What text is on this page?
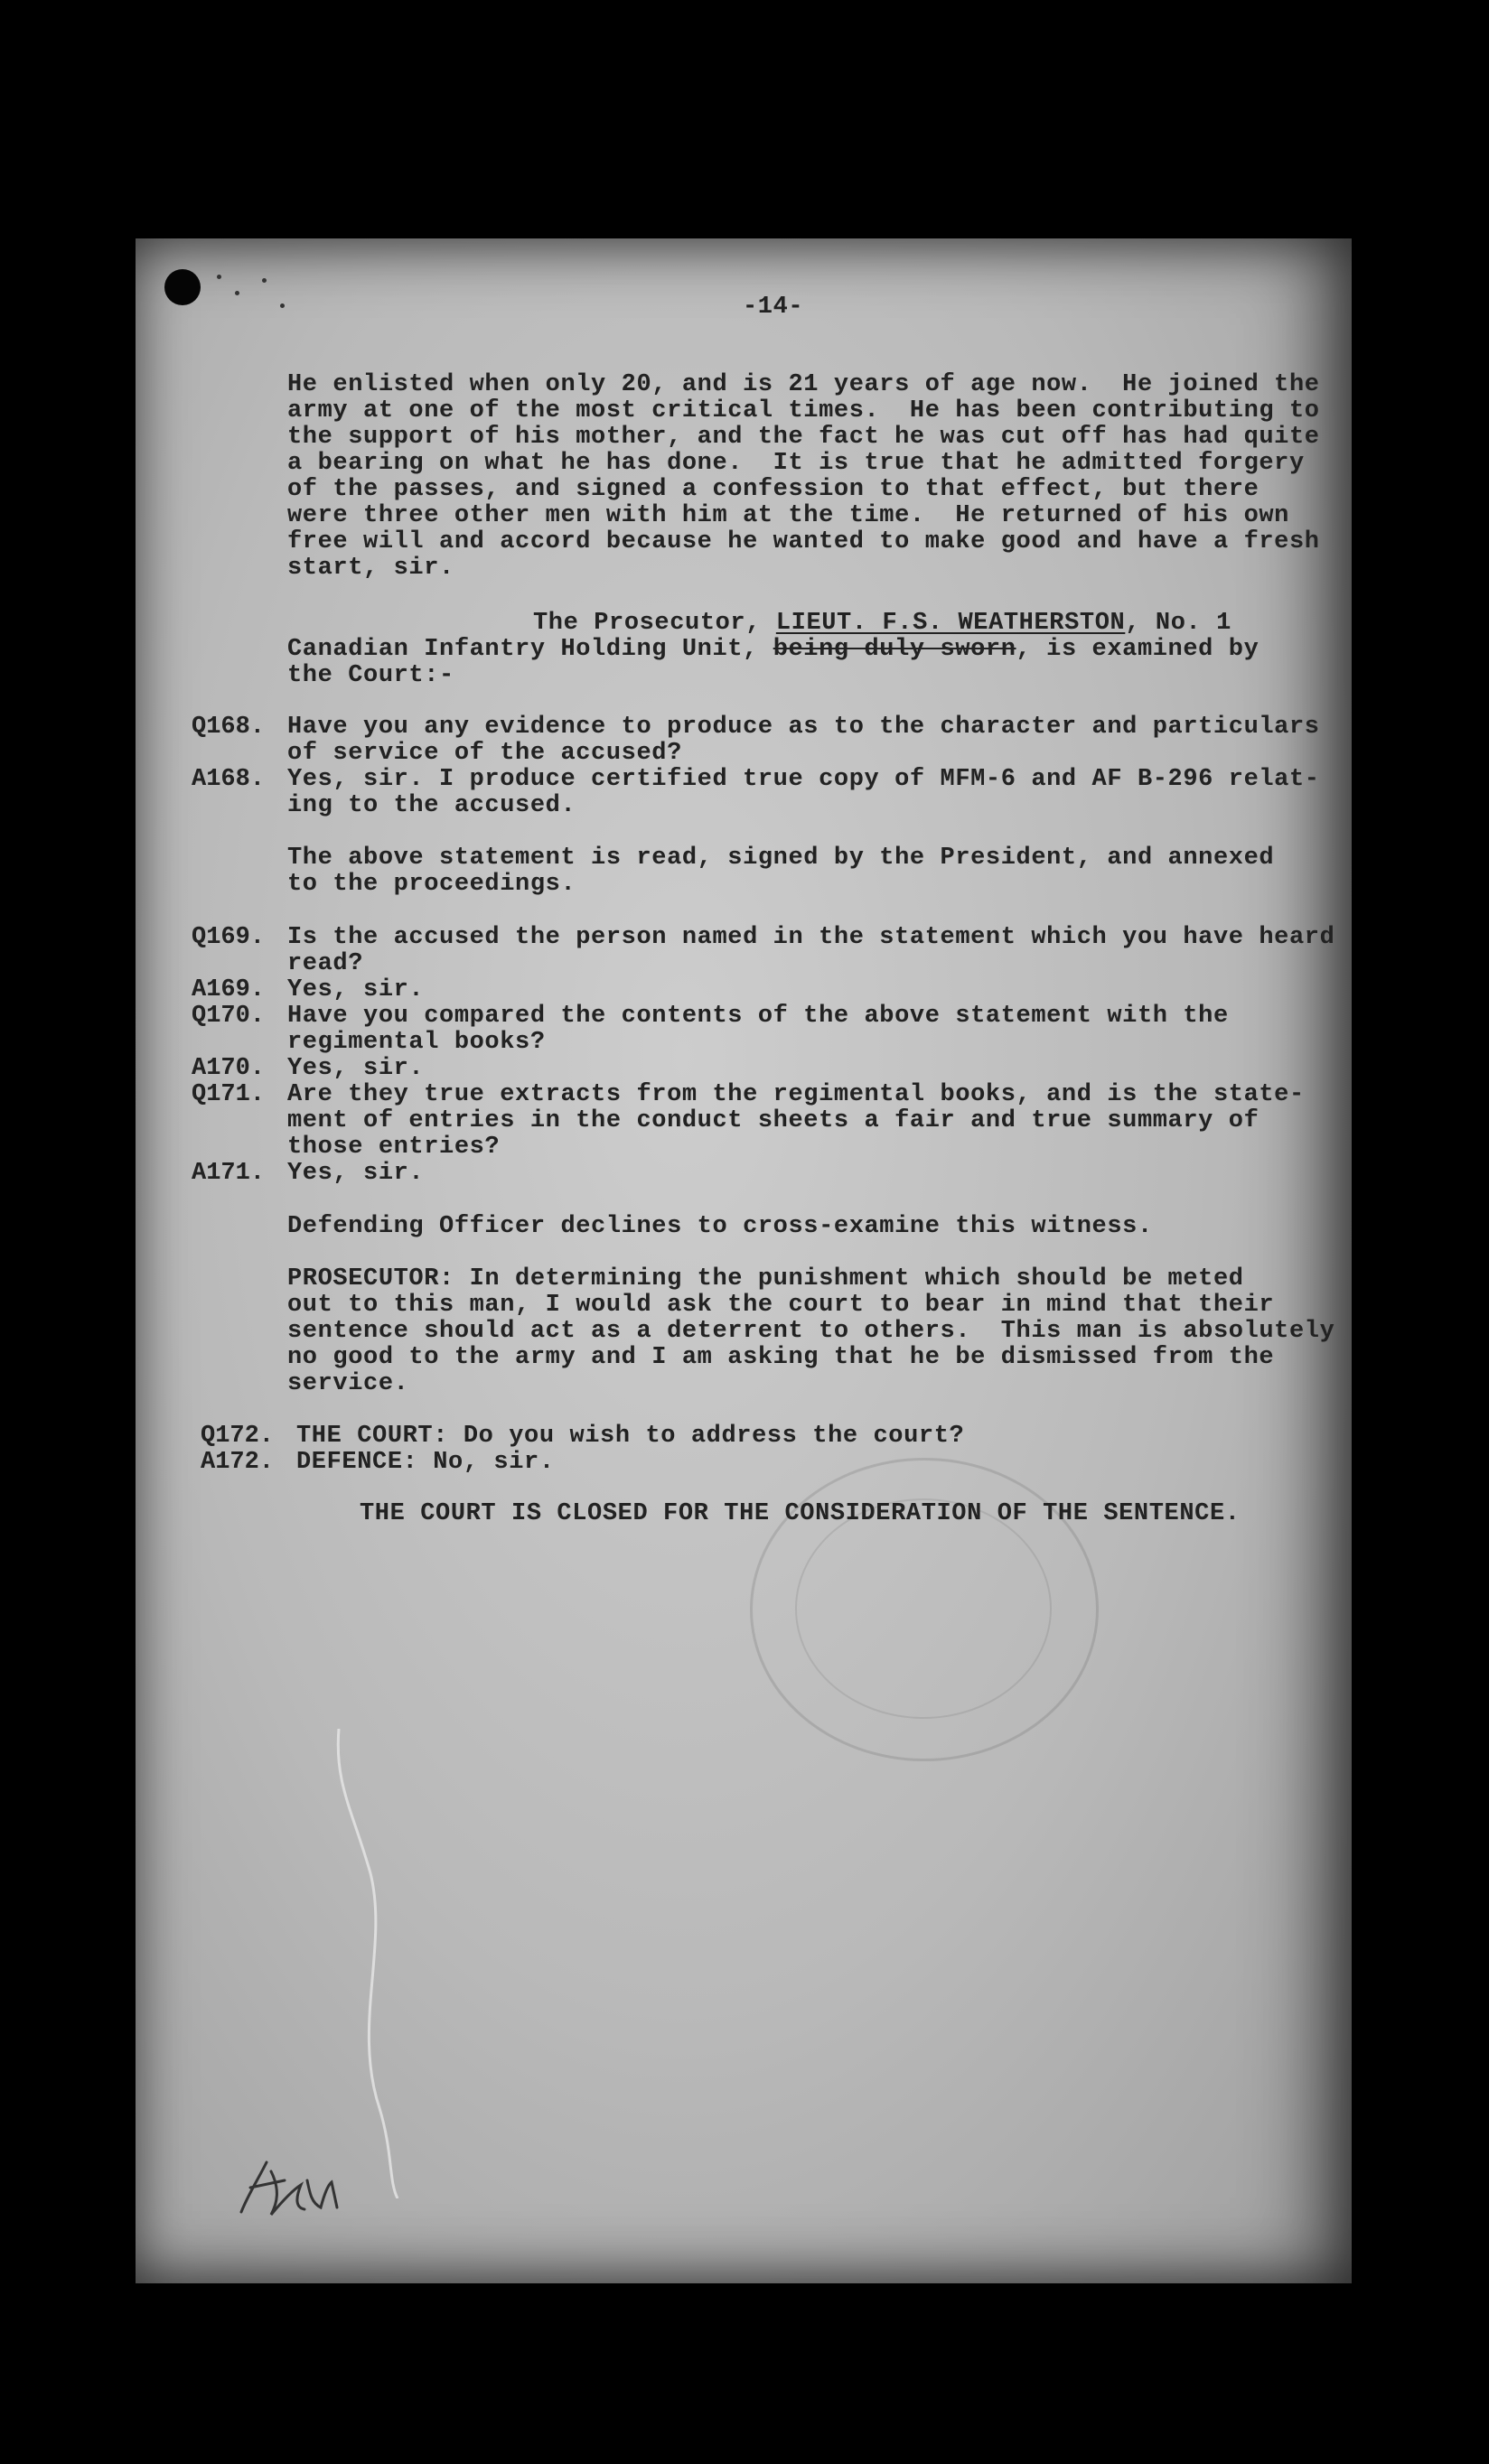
-14-
He enlisted when only 20, and is 21 years of age now.  He joined the
army at one of the most critical times.  He has been contributing to
the support of his mother, and the fact he was cut off has had quite
a bearing on what he has done.  It is true that he admitted forgery
of the passes, and signed a confession to that effect, but there
were three other men with him at the time.  He returned of his own
free will and accord because he wanted to make good and have a fresh
start, sir.
The Prosecutor, LIEUT. F.S. WEATHERSTON, No. 1
Canadian Infantry Holding Unit, being duly sworn, is examined by
the Court:-
Q168. Have you any evidence to produce as to the character and particulars
of service of the accused?
A168. Yes, sir. I produce certified true copy of MFM-6 and AF B-296 relat-
ing to the accused.
The above statement is read, signed by the President, and annexed
to the proceedings.
Q169. Is the accused the person named in the statement which you have heard
read?
A169. Yes, sir.
Q170. Have you compared the contents of the above statement with the
regimental books?
A170. Yes, sir.
Q171. Are they true extracts from the regimental books, and is the state-
ment of entries in the conduct sheets a fair and true summary of
those entries?
A171. Yes, sir.
Defending Officer declines to cross-examine this witness.
PROSECUTOR: In determining the punishment which should be meted
out to this man, I would ask the court to bear in mind that their
sentence should act as a deterrent to others.  This man is absolutely
no good to the army and I am asking that he be dismissed from the
service.
Q172. THE COURT: Do you wish to address the court?
A172. DEFENCE: No, sir.
THE COURT IS CLOSED FOR THE CONSIDERATION OF THE SENTENCE.
